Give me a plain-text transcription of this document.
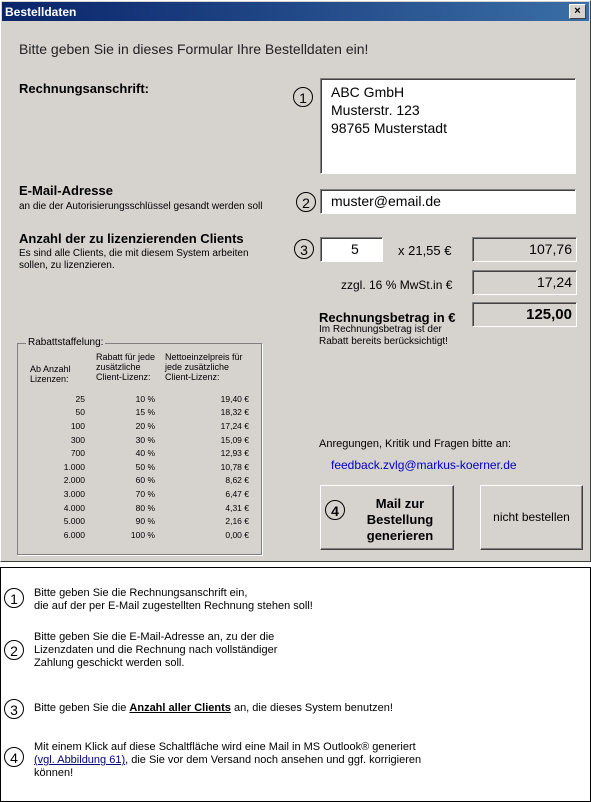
Bestelldaten	×
Bitte geben Sie in dieses Formular Ihre Bestelldaten ein!
Rechnungsanschrift:
1	ABC GmbH
Musterstr. 123
98765 Musterstadt
E-Mail-Adresse
an die der Autorisierungsschlüssel gesandt werden soll	2	muster@email.de
Anzahl der zu lizenzierenden Clients
Es sind alle Clients, die mit diesem System arbeiten
sollen, zu lizenzieren.
3	5	x 21,55 €	107,76
zzgl. 16 % MwSt.in €	17,24
Rechnungsbetrag in €
Im Rechnungsbetrag ist der
Rabatt bereits berücksichtigt!
125,00
Rabattstaffelung:
Ab Anzahl
Lizenzen:
Rabatt für jede
zusätzliche
Client-Lizenz:
Nettoeinzelpreis für
jede zusätzliche
Client-Lizenz:
25	10 %	19,40 €
50	15 %	18,32 €
100	20 %	17,24 €
300	30 %	15,09 €
700	40 %	12,93 €
1.000	50 %	10,78 €
2.000	60 %	8,62 €
3.000	70 %	6,47 €
4.000	80 %	4,31 €
5.000	90 %	2,16 €
6.000	100 %	0,00 €
Anregungen, Kritik und Fragen bitte an:
feedback.zvlg@markus-koerner.de
4	Mail zur
Bestellung
generieren
nicht bestellen
1	Bitte geben Sie die Rechnungsanschrift ein,
die auf der per E-Mail zugestellten Rechnung stehen soll!
2
Bitte geben Sie die E-Mail-Adresse an, zu der die
Lizenzdaten und die Rechnung nach vollständiger
Zahlung geschickt werden soll.
3	Bitte geben Sie die Anzahl aller Clients an, die dieses System benutzen!
4
Mit einem Klick auf diese Schaltfläche wird eine Mail in MS Outlook® generiert
(vgl. Abbildung 61), die Sie vor dem Versand noch ansehen und ggf. korrigieren
können!
